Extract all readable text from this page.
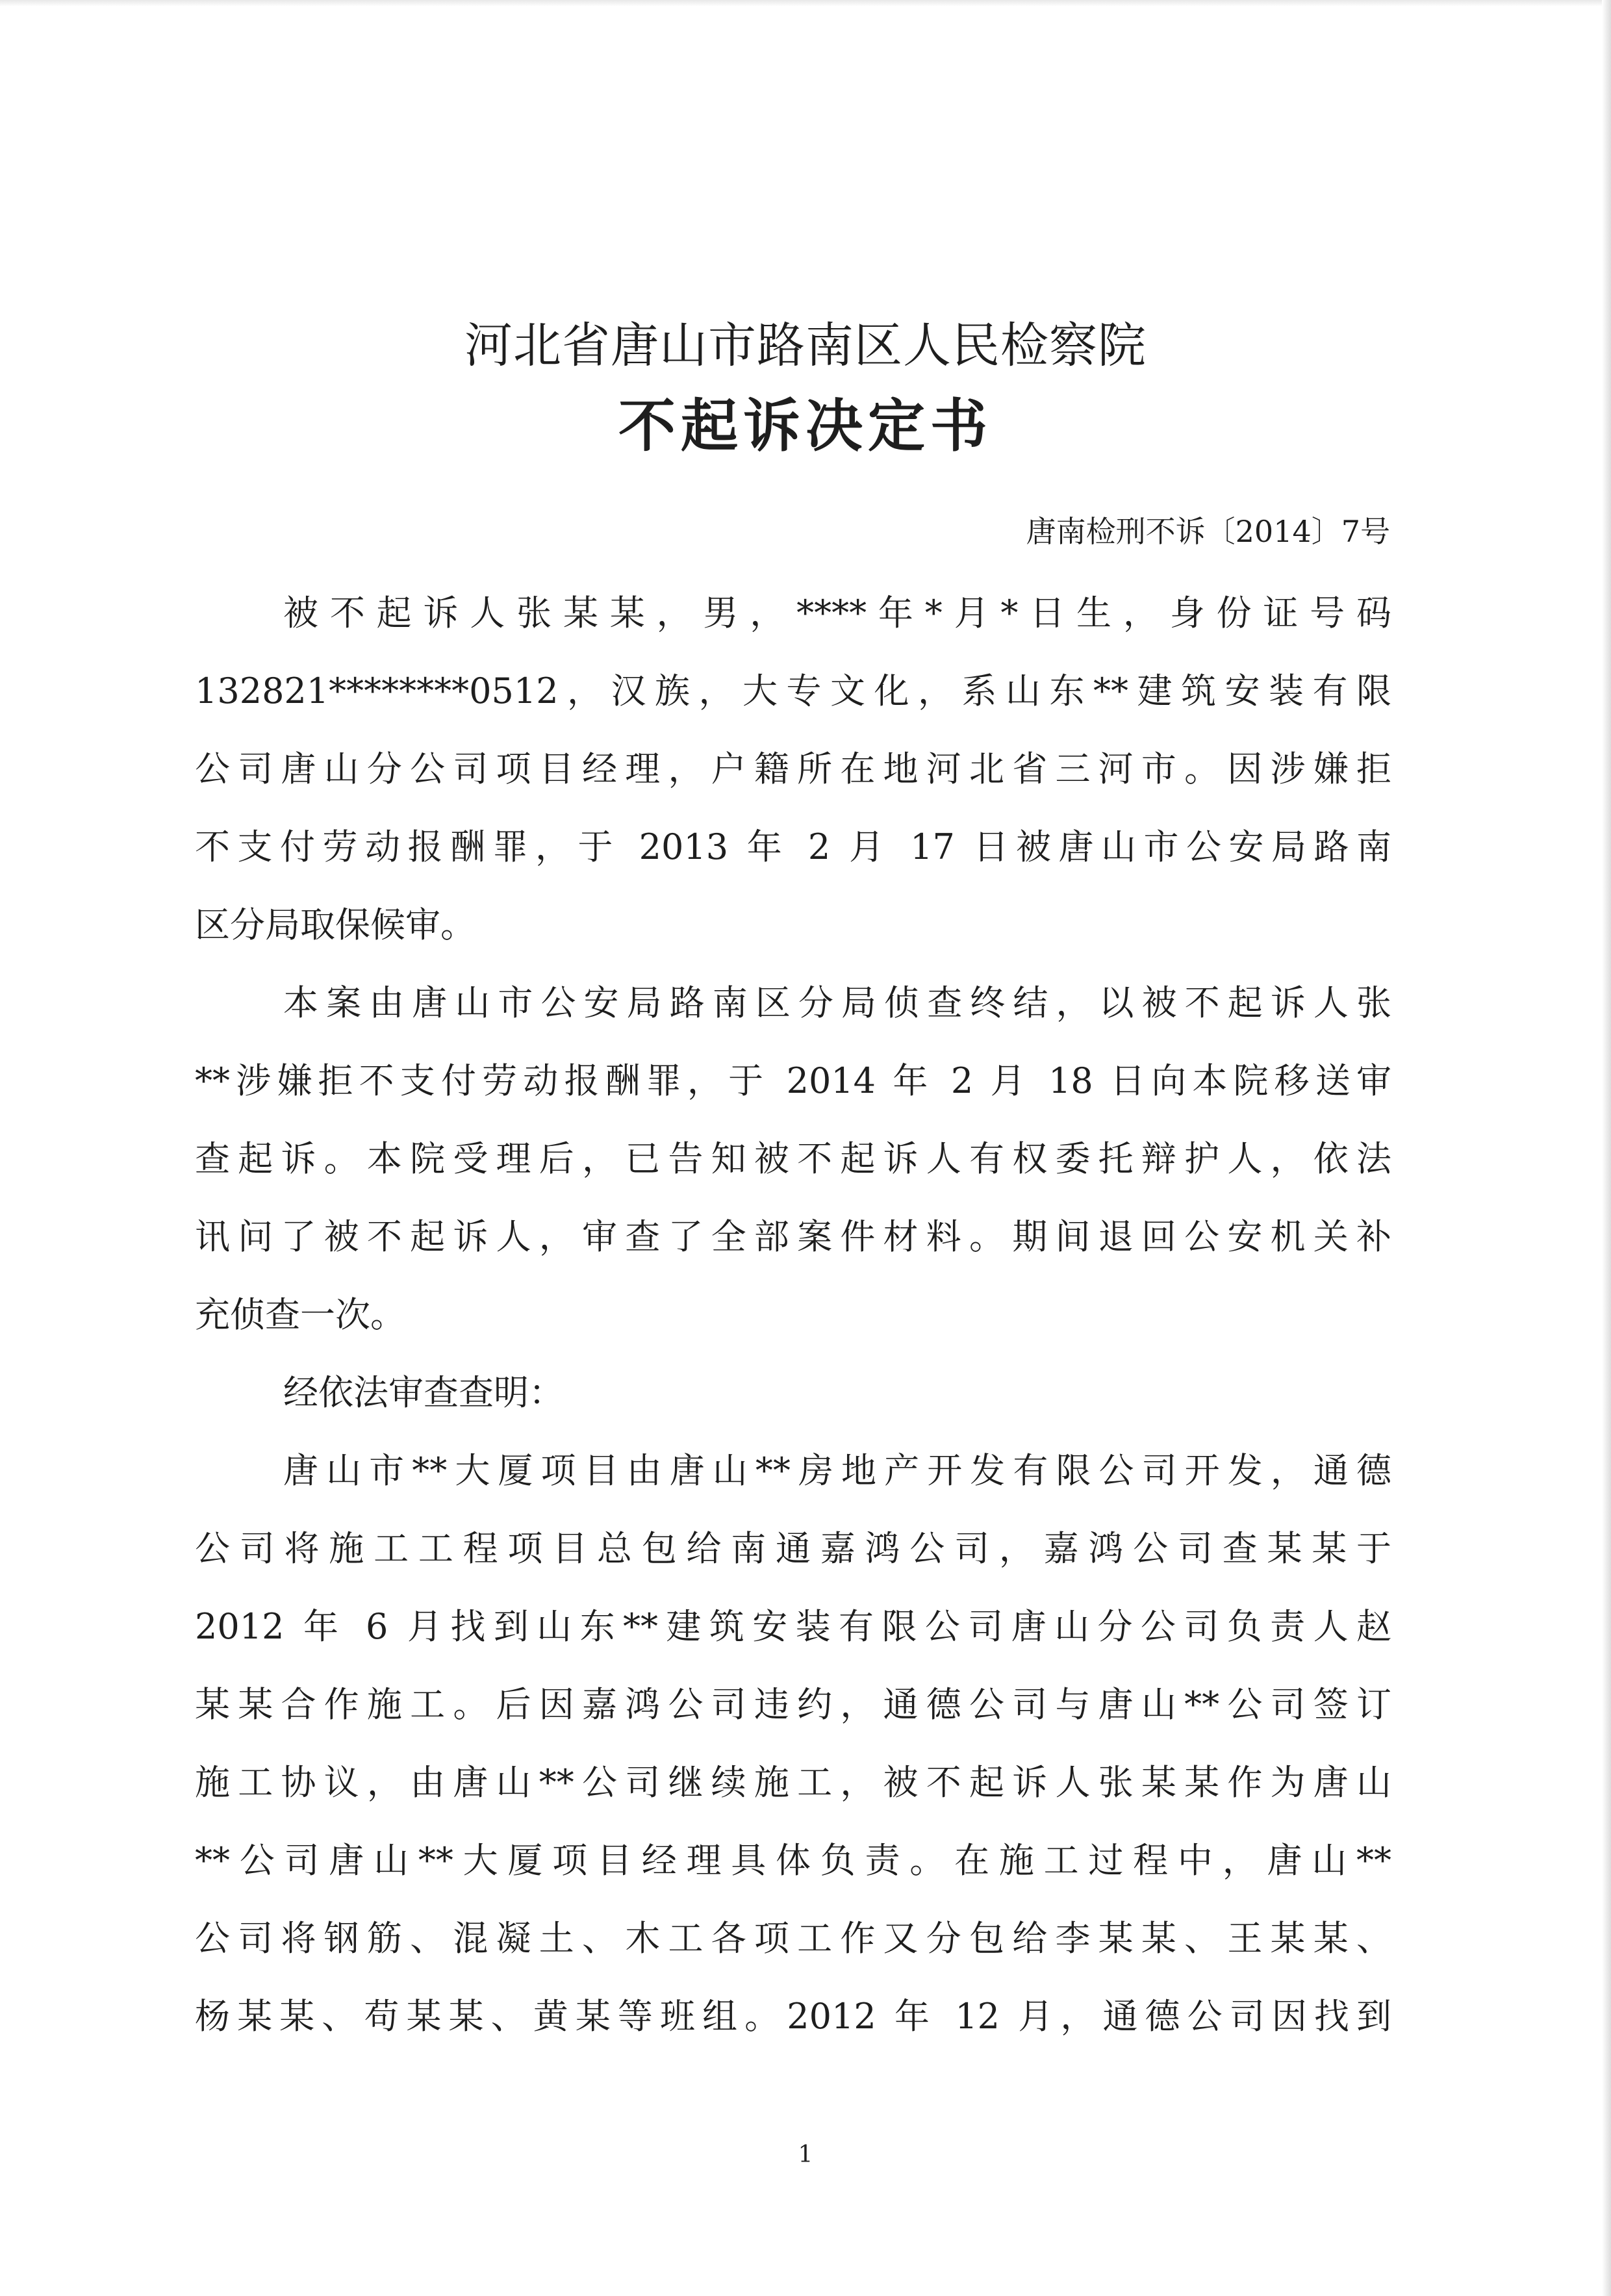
河北省唐山市路南区人民检察院
不起诉决定书
唐南检刑不诉〔2014〕7号
被不起诉人张某某，男，****年*月*日生，身份证号码
132821********0512，汉族，大专文化，系山东**建筑安装有限
公司唐山分公司项目经理，户籍所在地河北省三河市。因涉嫌拒
不支付劳动报酬罪，于 2013 年 2 月 17 日被唐山市公安局路南
区分局取保候审。
本案由唐山市公安局路南区分局侦查终结，以被不起诉人张
**涉嫌拒不支付劳动报酬罪，于 2014 年 2 月 18 日向本院移送审
查起诉。本院受理后，已告知被不起诉人有权委托辩护人，依法
讯问了被不起诉人，审查了全部案件材料。期间退回公安机关补
充侦查一次。
经依法审查查明：
唐山市**大厦项目由唐山**房地产开发有限公司开发，通德
公司将施工工程项目总包给南通嘉鸿公司，嘉鸿公司查某某于
2012 年 6 月找到山东**建筑安装有限公司唐山分公司负责人赵
某某合作施工。后因嘉鸿公司违约，通德公司与唐山**公司签订
施工协议，由唐山**公司继续施工，被不起诉人张某某作为唐山
**公司唐山**大厦项目经理具体负责。在施工过程中，唐山**
公司将钢筋、混凝土、木工各项工作又分包给李某某、王某某、
杨某某、苟某某、黄某等班组。2012 年 12 月，通德公司因找到
1
